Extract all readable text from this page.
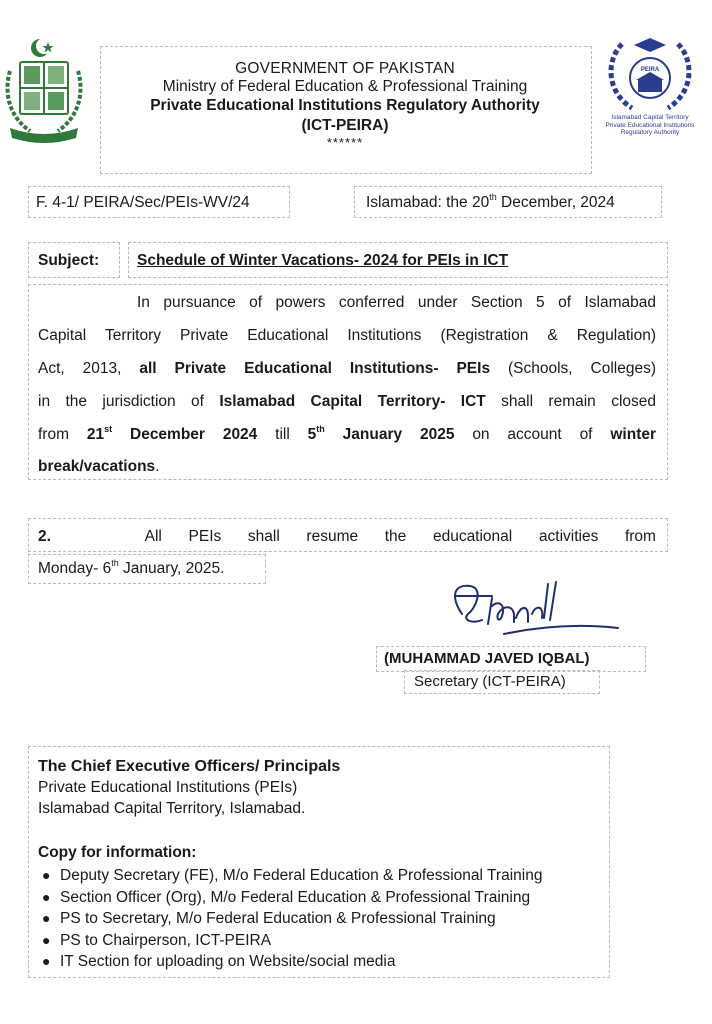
PEIRA
Islamabad Capital Territory
Private Educational Institutions
Regulatory Authority
GOVERNMENT OF PAKISTAN
Ministry of Federal Education & Professional Training
Private Educational Institutions Regulatory Authority
(ICT-PEIRA)
******
F. 4-1/ PEIRA/Sec/PEIs-WV/24	Islamabad: the 20th December, 2024
Subject: Schedule of Winter Vacations- 2024 for PEIs in ICT
In pursuance of powers conferred under Section 5 of Islamabad
Capital Territory Private Educational Institutions (Registration & Regulation)
Act, 2013, all Private Educational Institutions- PEIs (Schools, Colleges)
in the jurisdiction of Islamabad Capital Territory- ICT shall remain closed
from 21st December 2024 till 5th January 2025 on account of winter
break/vacations.
2.	All PEIs shall resume the educational activities from
Monday- 6th January, 2025.
(MUHAMMAD JAVED IQBAL)
Secretary (ICT-PEIRA)
The Chief Executive Officers/ Principals
Private Educational Institutions (PEIs)
Islamabad Capital Territory, Islamabad.
Copy for information:
● Deputy Secretary (FE), M/o Federal Education & Professional Training
● Section Officer (Org), M/o Federal Education & Professional Training
● PS to Secretary, M/o Federal Education & Professional Training
● PS to Chairperson, ICT-PEIRA
● IT Section for uploading on Website/social media
